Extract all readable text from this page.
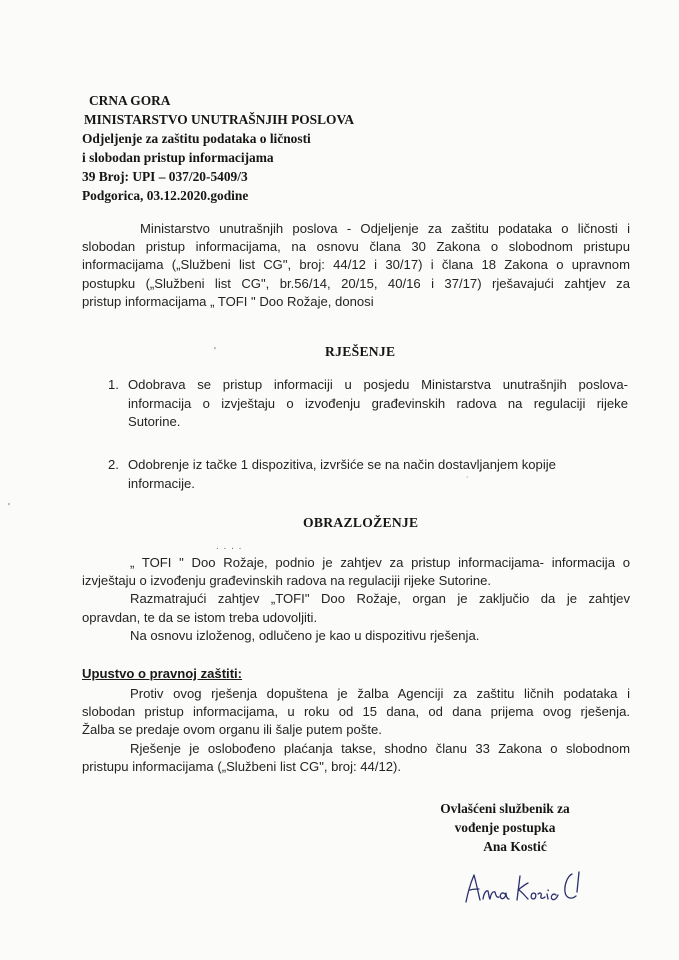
CRNA GORA
MINISTARSTVO UNUTRAŠNJIH POSLOVA
Odjeljenje za zaštitu podataka o ličnosti
i slobodan pristup informacijama
39 Broj: UPI – 037/20-5409/3
Podgorica, 03.12.2020.godine
Ministarstvo unutrašnjih poslova - Odjeljenje za zaštitu podataka o ličnosti i
slobodan pristup informacijama, na osnovu člana 30 Zakona o slobodnom pristupu
informacijama („Službeni list CG", broj: 44/12 i 30/17) i člana 18 Zakona o upravnom
postupku („Službeni list CG", br.56/14, 20/15, 40/16 i 37/17) rješavajući zahtjev za
pristup informacijama „ TOFI " Doo Rožaje, donosi
'	RJEŠENJE
1. Odobrava se pristup informaciji u posjedu Ministarstva unutrašnjih poslova-
informacija o izvještaju o izvođenju građevinskih radova na regulaciji rijeke
Sutorine.
2. Odobrenje iz tačke 1 dispozitiva, izvršiće se na način dostavljanjem kopije
informacije.	˙
'
OBRAZLOŽENJE
. . . .
„ TOFI " Doo Rožaje, podnio je zahtjev za pristup informacijama- informacija o
izvještaju o izvođenju građevinskih radova na regulaciji rijeke Sutorine.
Razmatrajući zahtjev „TOFI" Doo Rožaje, organ je zaključio da je zahtjev
opravdan, te da se istom treba udovoljiti.
Na osnovu izloženog, odlučeno je kao u dispozitivu rješenja.
Upustvo o pravnoj zaštiti:
Protiv ovog rješenja dopuštena je žalba Agenciji za zaštitu ličnih podataka i
slobodan pristup informacijama, u roku od 15 dana, od dana prijema ovog rješenja.
Žalba se predaje ovom organu ili šalje putem pošte.
Rješenje je oslobođeno plaćanja takse, shodno članu 33 Zakona o slobodnom
pristupu informacijama („Službeni list CG", broj: 44/12).
Ovlašćeni službenik za
vođenje postupka
Ana Kostić
